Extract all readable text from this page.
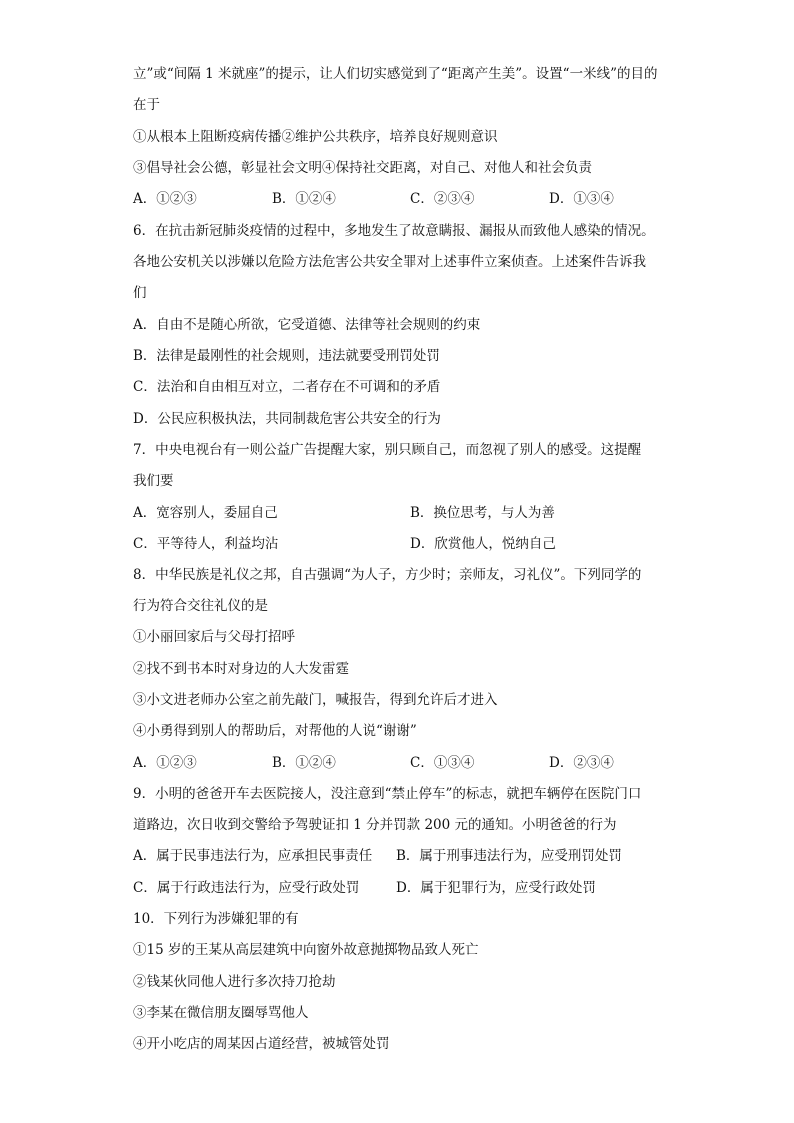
立”或“间隔 1 米就座”的提示，让人们切实感觉到了“距离产生美”。设置“一米线”的目的
在于
①从根本上阻断疫病传播②维护公共秩序，培养良好规则意识
③倡导社会公德，彰显社会文明④保持社交距离，对自己、对他人和社会负责
A．①②③	B．①②④	C．②③④	D．①③④
6．在抗击新冠肺炎疫情的过程中，多地发生了故意瞒报、漏报从而致他人感染的情况。
各地公安机关以涉嫌以危险方法危害公共安全罪对上述事件立案侦查。上述案件告诉我
们
A．自由不是随心所欲，它受道德、法律等社会规则的约束
B．法律是最刚性的社会规则，违法就要受刑罚处罚
C．法治和自由相互对立，二者存在不可调和的矛盾
D．公民应积极执法，共同制裁危害公共安全的行为
7．中央电视台有一则公益广告提醒大家，别只顾自己，而忽视了别人的感受。这提醒
我们要
A．宽容别人，委屈自己	B．换位思考，与人为善
C．平等待人，利益均沾	D．欣赏他人，悦纳自己
8．中华民族是礼仪之邦，自古强调“为人子，方少时；亲师友，习礼仪”。下列同学的
行为符合交往礼仪的是
①小丽回家后与父母打招呼
②找不到书本时对身边的人大发雷霆
③小文进老师办公室之前先敲门，喊报告，得到允许后才进入
④小勇得到别人的帮助后，对帮他的人说“谢谢”
A．①②③	B．①②④	C．①③④	D．②③④
9．小明的爸爸开车去医院接人，没注意到“禁止停车”的标志，就把车辆停在医院门口
道路边，次日收到交警给予驾驶证扣 1 分并罚款 200 元的通知。小明爸爸的行为
A．属于民事违法行为，应承担民事责任 B．属于刑事违法行为，应受刑罚处罚
C．属于行政违法行为，应受行政处罚	D．属于犯罪行为，应受行政处罚
10．下列行为涉嫌犯罪的有
①15 岁的王某从高层建筑中向窗外故意抛掷物品致人死亡
②钱某伙同他人进行多次持刀抢劫
③李某在微信朋友圈辱骂他人
④开小吃店的周某因占道经营，被城管处罚
